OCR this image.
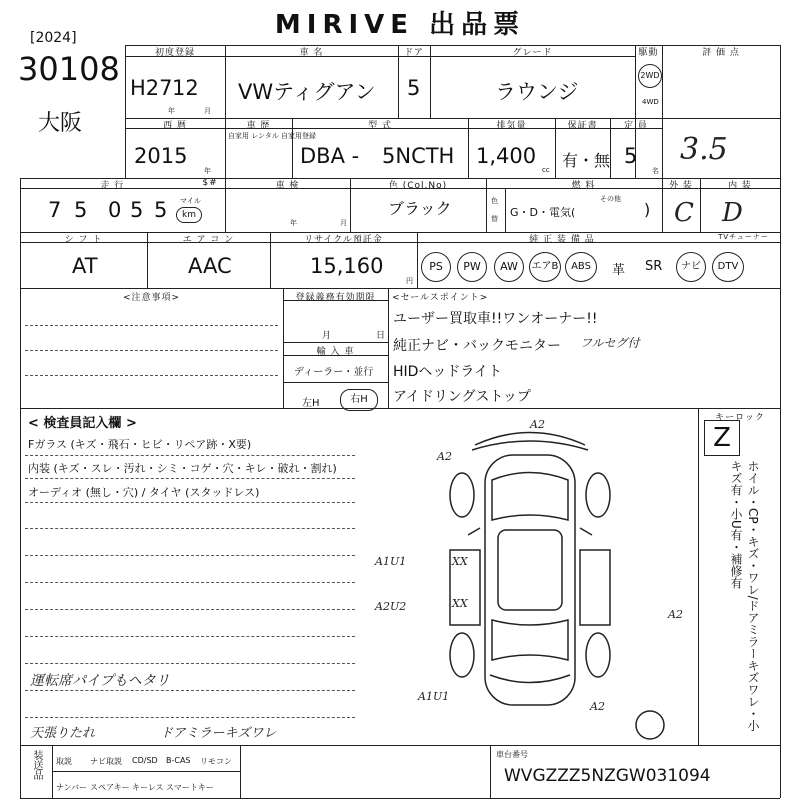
MIRIVE 出品票
[2024]
30108
大阪
初度登録
H27 12
年	月
車 名
VWティグアン
ドア
5
グレード
ラウンジ
駆動
2WD
4WD
評 価 点
3.5
西 暦
2015
年
車 歴
自家用 レンタル 自家用登録
型 式
DBA - 5NCTH
排気量
1,400
cc
保証書
有・無
定 員
5
名
走 行	$#
7 5 0 5 5 マイル
km
車 検
年	月
色 (Col.No)
ブラック	色
替
燃 料
G・D・電気(
その他
)
外 装	内 装
C D
シ フ ト
AT
エ ア コ ン
AAC
リサイクル預託金
15,160
円
純 正 装 備 品	TVチューナー
PS	PW	AW	エアB	ABS	革 SR	ナビ	DTV
<注意事項>	登録義務有効期限
月	日
輸 入 車
ディーラー・並行
左H	右H
<セールスポイント>
ユーザー買取車!!ワンオーナー!!
純正ナビ・バックモニター フルセグ付
HIDヘッドライト
アイドリングストップ
< 検査員記入欄 >
Fガラス (キズ・飛石・ヒビ・リペア跡・X要)
内装 (キズ・スレ・汚れ・シミ・コゲ・穴・キレ・破れ・割れ)
オーディオ (無し・穴) / タイヤ (スタッドレス)
運転席パイプもヘタリ
天張りたれ	ドアミラーキズワレ
キーロック
Z
ホイル・CP・キズ・ワレ/ドアミラーキズワレ・小キズ有・小U有・補修有
A2
A2
A1U1	XX
A2U2	XX
A2
A1U1
A2
装送品 取説 ナビ取説 CD/SD B-CAS リモコン
ナンバー スペアキー キーレス スマートキー
車台番号
WVGZZZ5NZGW031094
